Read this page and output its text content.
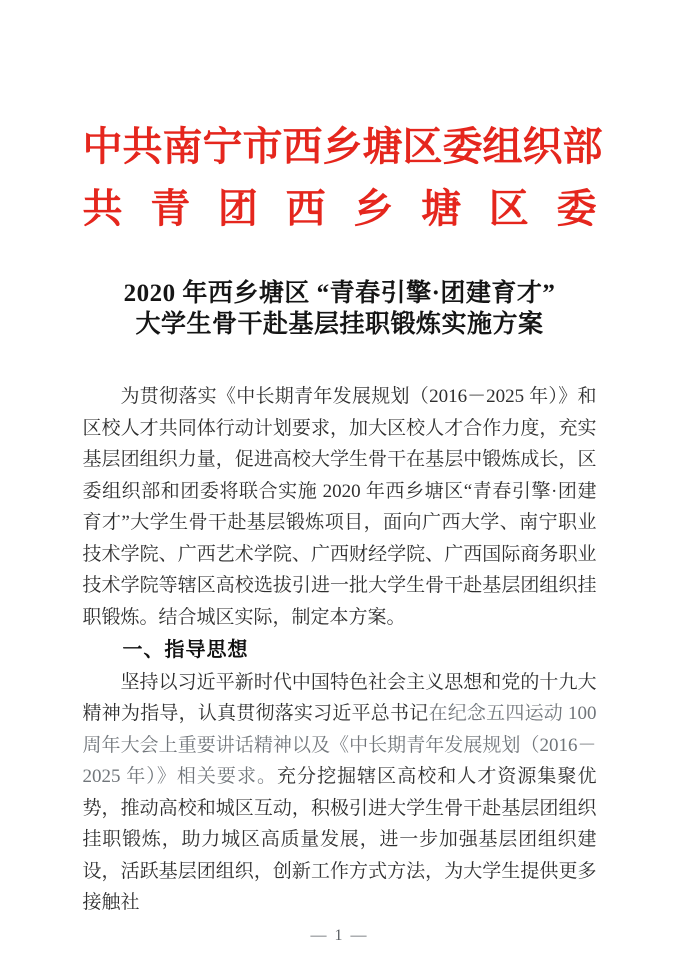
中共南宁市西乡塘区委组织部
共青团西乡塘区委
2020 年西乡塘区 “青春引擎·团建育才”
大学生骨干赴基层挂职锻炼实施方案

为贯彻落实《中长期青年发展规划（2016－2025 年）》和区校人才共同体行动计划要求，加大区校人才合作力度，充实基层团组织力量，促进高校大学生骨干在基层中锻炼成长，区委组织部和团委将联合实施 2020 年西乡塘区“青春引擎·团建育才”大学生骨干赴基层锻炼项目，面向广西大学、南宁职业技术学院、广西艺术学院、广西财经学院、广西国际商务职业技术学院等辖区高校选拔引进一批大学生骨干赴基层团组织挂职锻炼。结合城区实际，制定本方案。

一、指导思想

坚持以习近平新时代中国特色社会主义思想和党的十九大精神为指导，认真贯彻落实习近平总书记在纪念五四运动 100 周年大会上重要讲话精神以及《中长期青年发展规划（2016－2025 年）》相关要求。充分挖掘辖区高校和人才资源集聚优势，推动高校和城区互动，积极引进大学生骨干赴基层团组织挂职锻炼，助力城区高质量发展，进一步加强基层团组织建设，活跃基层团组织，创新工作方式方法，为大学生提供更多接触社

— 1 —
